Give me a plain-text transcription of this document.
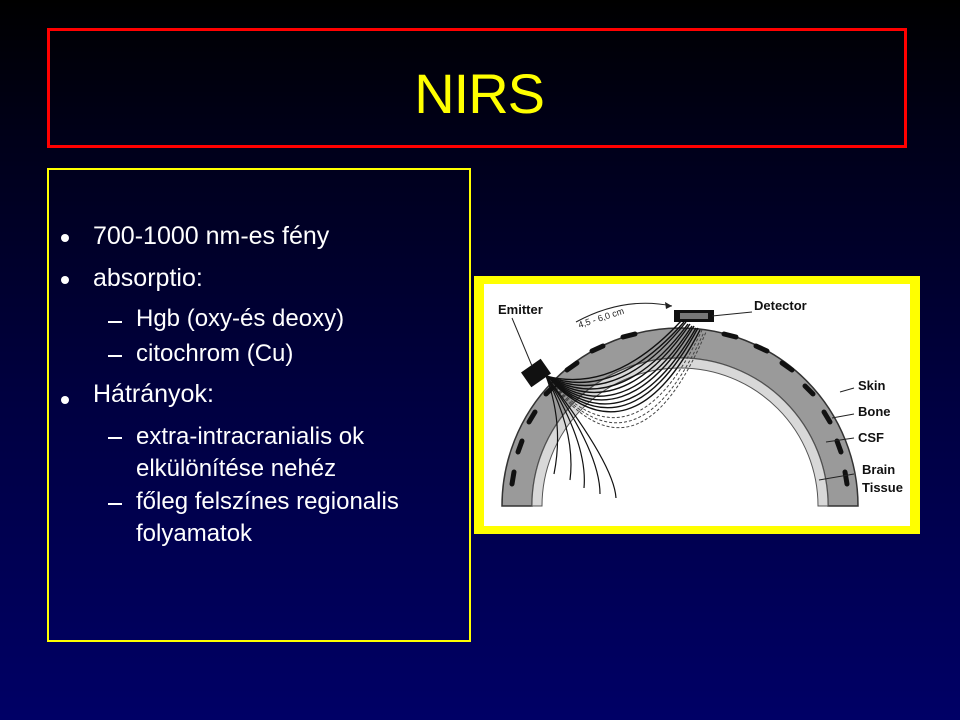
NIRS
700-1000 nm-es fény
absorptio:
Hgb (oxy-és deoxy)
citochrom (Cu)
Hátrányok:
extra-intracranialis ok
elkülönítése nehéz
főleg felszínes regionalis
folyamatok
Emitter	Detector
4,5 - 6,0 cm
Skin
Bone
CSF
Brain
Tissue
